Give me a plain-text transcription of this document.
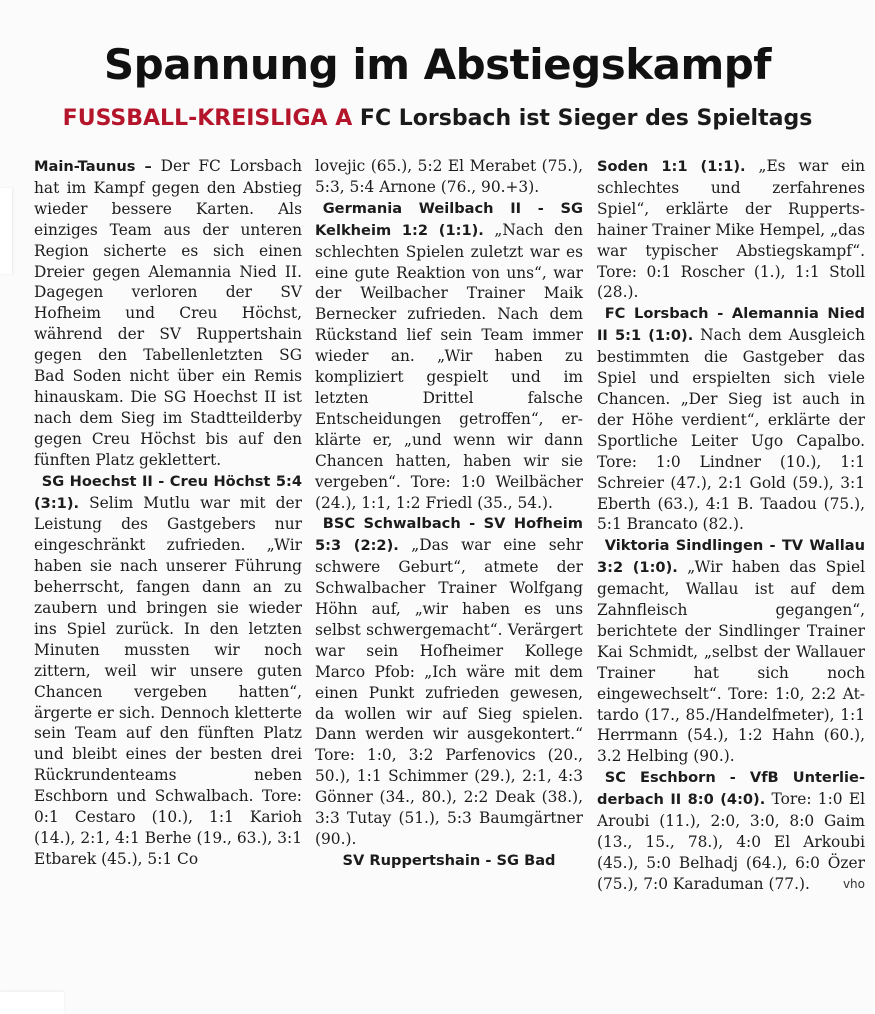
Spannung im Abstiegskampf
FUSSBALL-KREISLIGA A FC Lorsbach ist Sieger des Spieltags

Main-Taunus – Der FC Lorsbach hat im Kampf gegen den Abstieg wieder bessere Karten. Als einziges Team aus der unteren Region sicherte es sich einen Dreier gegen Alemannia Nied II. Dagegen verloren der SV Hofheim und Creu Höchst, während der SV Ruppertshain gegen den Tabellenletzten SG Bad Soden nicht über ein Remis hinauskam. Die SG Hoechst II ist nach dem Sieg im Stadtteilderby gegen Creu Höchst bis auf den fünften Platz geklettert.

 SG Hoechst II - Creu Höchst 5:4 (3:1). Selim Mutlu war mit der Leistung des Gastgebers nur eingeschränkt zufrieden. „Wir haben sie nach unserer Führung beherrscht, fangen dann an zu zaubern und bringen sie wieder ins Spiel zurück. In den letzten Minuten mussten wir noch zittern, weil wir unsere guten Chancen vergeben hatten“, ärgerte er sich. Dennoch kletterte sein Team auf den fünften Platz und bleibt eines der besten drei Rückrundenteams neben Eschborn und Schwalbach. Tore: 0:1 Cestaro (10.), 1:1 Karioh (14.), 2:1, 4:1 Berhe (19., 63.), 3:1 Etbarek (45.), 5:1 Co

lovejic (65.), 5:2 El Merabet (75.), 5:3, 5:4 Arnone (76., 90.+3).

 Germania Weilbach II - SG Kelkheim 1:2 (1:1). „Nach den schlechten Spielen zuletzt war es eine gute Reaktion von uns“, war der Weilbacher Trainer Maik Bernecker zufrieden. Nach dem Rückstand lief sein Team immer wieder an. „Wir haben zu kompliziert gespielt und im letzten Drittel falsche Entscheidungen getroffen“, erklärte er, „und wenn wir dann Chancen hatten, haben wir sie vergeben“. Tore: 1:0 Weilbächer (24.), 1:1, 1:2 Friedl (35., 54.).

 BSC Schwalbach - SV Hofheim 5:3 (2:2). „Das war eine sehr schwere Geburt“, atmete der Schwalbacher Trainer Wolfgang Höhn auf, „wir haben es uns selbst schwergemacht“. Verärgert war sein Hofheimer Kollege Marco Pfob: „Ich wäre mit dem einen Punkt zufrieden gewesen, da wollen wir auf Sieg spielen. Dann werden wir ausgekontert.“ Tore: 1:0, 3:2 Parfenovics (20., 50.), 1:1 Schimmer (29.), 2:1, 4:3 Gönner (34., 80.), 2:2 Deak (38.), 3:3 Tutay (51.), 5:3 Baumgärtner (90.).

SV Ruppertshain - SG Bad

Soden 1:1 (1:1). „Es war ein schlechtes und zerfahrenes Spiel“, erklärte der Ruppertshainer Trainer Mike Hempel, „das war typischer Abstiegskampf“. Tore: 0:1 Roscher (1.), 1:1 Stoll (28.).

 FC Lorsbach - Alemannia Nied II 5:1 (1:0). Nach dem Ausgleich bestimmten die Gastgeber das Spiel und erspielten sich viele Chancen. „Der Sieg ist auch in der Höhe verdient“, erklärte der Sportliche Leiter Ugo Capalbo. Tore: 1:0 Lindner (10.), 1:1 Schreier (47.), 2:1 Gold (59.), 3:1 Eberth (63.), 4:1 B. Taadou (75.), 5:1 Brancato (82.).

 Viktoria Sindlingen - TV Wallau 3:2 (1:0). „Wir haben das Spiel gemacht, Wallau ist auf dem Zahnfleisch gegangen“, berichtete der Sindlinger Trainer Kai Schmidt, „selbst der Wallauer Trainer hat sich noch eingewechselt“. Tore: 1:0, 2:2 Attardo (17., 85./Handelfmeter), 1:1 Herrmann (54.), 1:2 Hahn (60.), 3.2 Helbing (90.).

 SC Eschborn - VfB Unterliederbach II 8:0 (4:0). Tore: 1:0 El Aroubi (11.), 2:0, 3:0, 8:0 Gaim (13., 15., 78.), 4:0 El Arkoubi (45.), 5:0 Belhadj (64.), 6:0 Özer (75.), 7:0 Karaduman (77.).	vho
